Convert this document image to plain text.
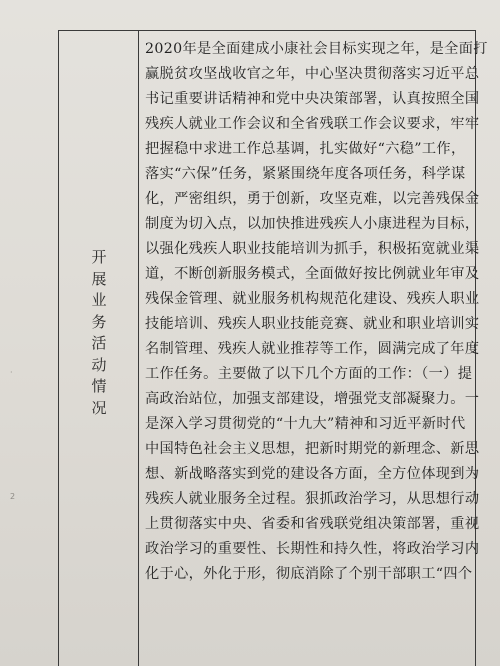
开
展
业
务
活
动
情
况
2020年是全面建成小康社会目标实现之年，是全面打
赢脱贫攻坚战收官之年，中心坚决贯彻落实习近平总
书记重要讲话精神和党中央决策部署，认真按照全国
残疾人就业工作会议和全省残联工作会议要求，牢牢
把握稳中求进工作总基调，扎实做好“六稳”工作，
落实“六保”任务，紧紧围绕年度各项任务，科学谋
化，严密组织，勇于创新，攻坚克难，以完善残保金
制度为切入点，以加快推进残疾人小康进程为目标，
以强化残疾人职业技能培训为抓手，积极拓宽就业渠
道，不断创新服务模式，全面做好按比例就业年审及
残保金管理、就业服务机构规范化建设、残疾人职业
技能培训、残疾人职业技能竞赛、就业和职业培训实
名制管理、残疾人就业推荐等工作，圆满完成了年度
工作任务。主要做了以下几个方面的工作：（一）提
高政治站位，加强支部建设，增强党支部凝聚力。一
是深入学习贯彻党的“十九大”精神和习近平新时代
中国特色社会主义思想，把新时期党的新理念、新思
想、新战略落实到党的建设各方面，全方位体现到为
残疾人就业服务全过程。狠抓政治学习，从思想行动
上贯彻落实中央、省委和省残联党组决策部署，重视
政治学习的重要性、长期性和持久性，将政治学习内
化于心，外化于形，彻底消除了个别干部职工“四个
·
2
